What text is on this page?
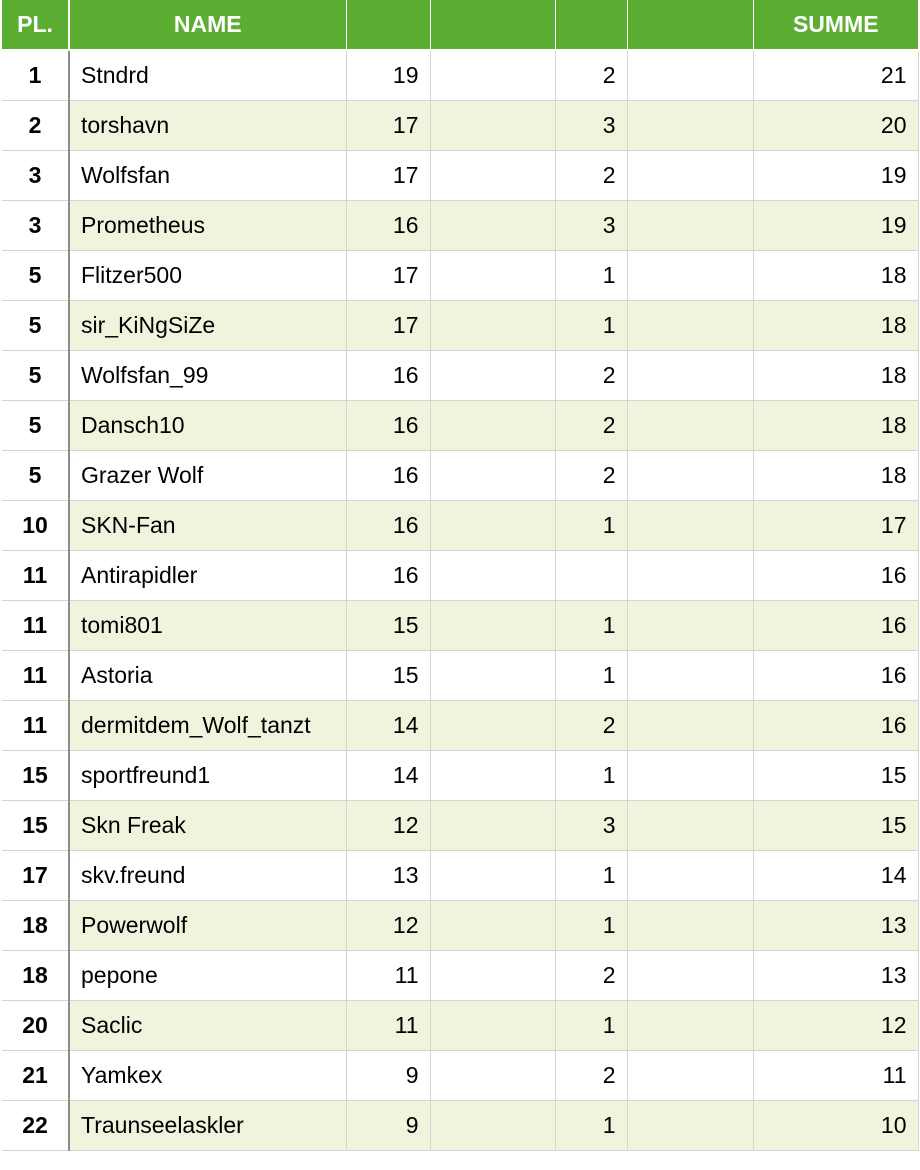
PL.	NAME					SUMME
1	Stndrd	19		2		21
2	torshavn	17		3		20
3	Wolfsfan	17		2		19
3	Prometheus	16		3		19
5	Flitzer500	17		1		18
5	sir_KiNgSiZe	17		1		18
5	Wolfsfan_99	16		2		18
5	Dansch10	16		2		18
5	Grazer Wolf	16		2		18
10	SKN-Fan	16		1		17
11	Antirapidler	16				16
11	tomi801	15		1		16
11	Astoria	15		1		16
11	dermitdem_Wolf_tanzt	14		2		16
15	sportfreund1	14		1		15
15	Skn Freak	12		3		15
17	skv.freund	13		1		14
18	Powerwolf	12		1		13
18	pepone	11		2		13
20	Saclic	11		1		12
21	Yamkex	9		2		11
22	Traunseelaskler	9		1		10
